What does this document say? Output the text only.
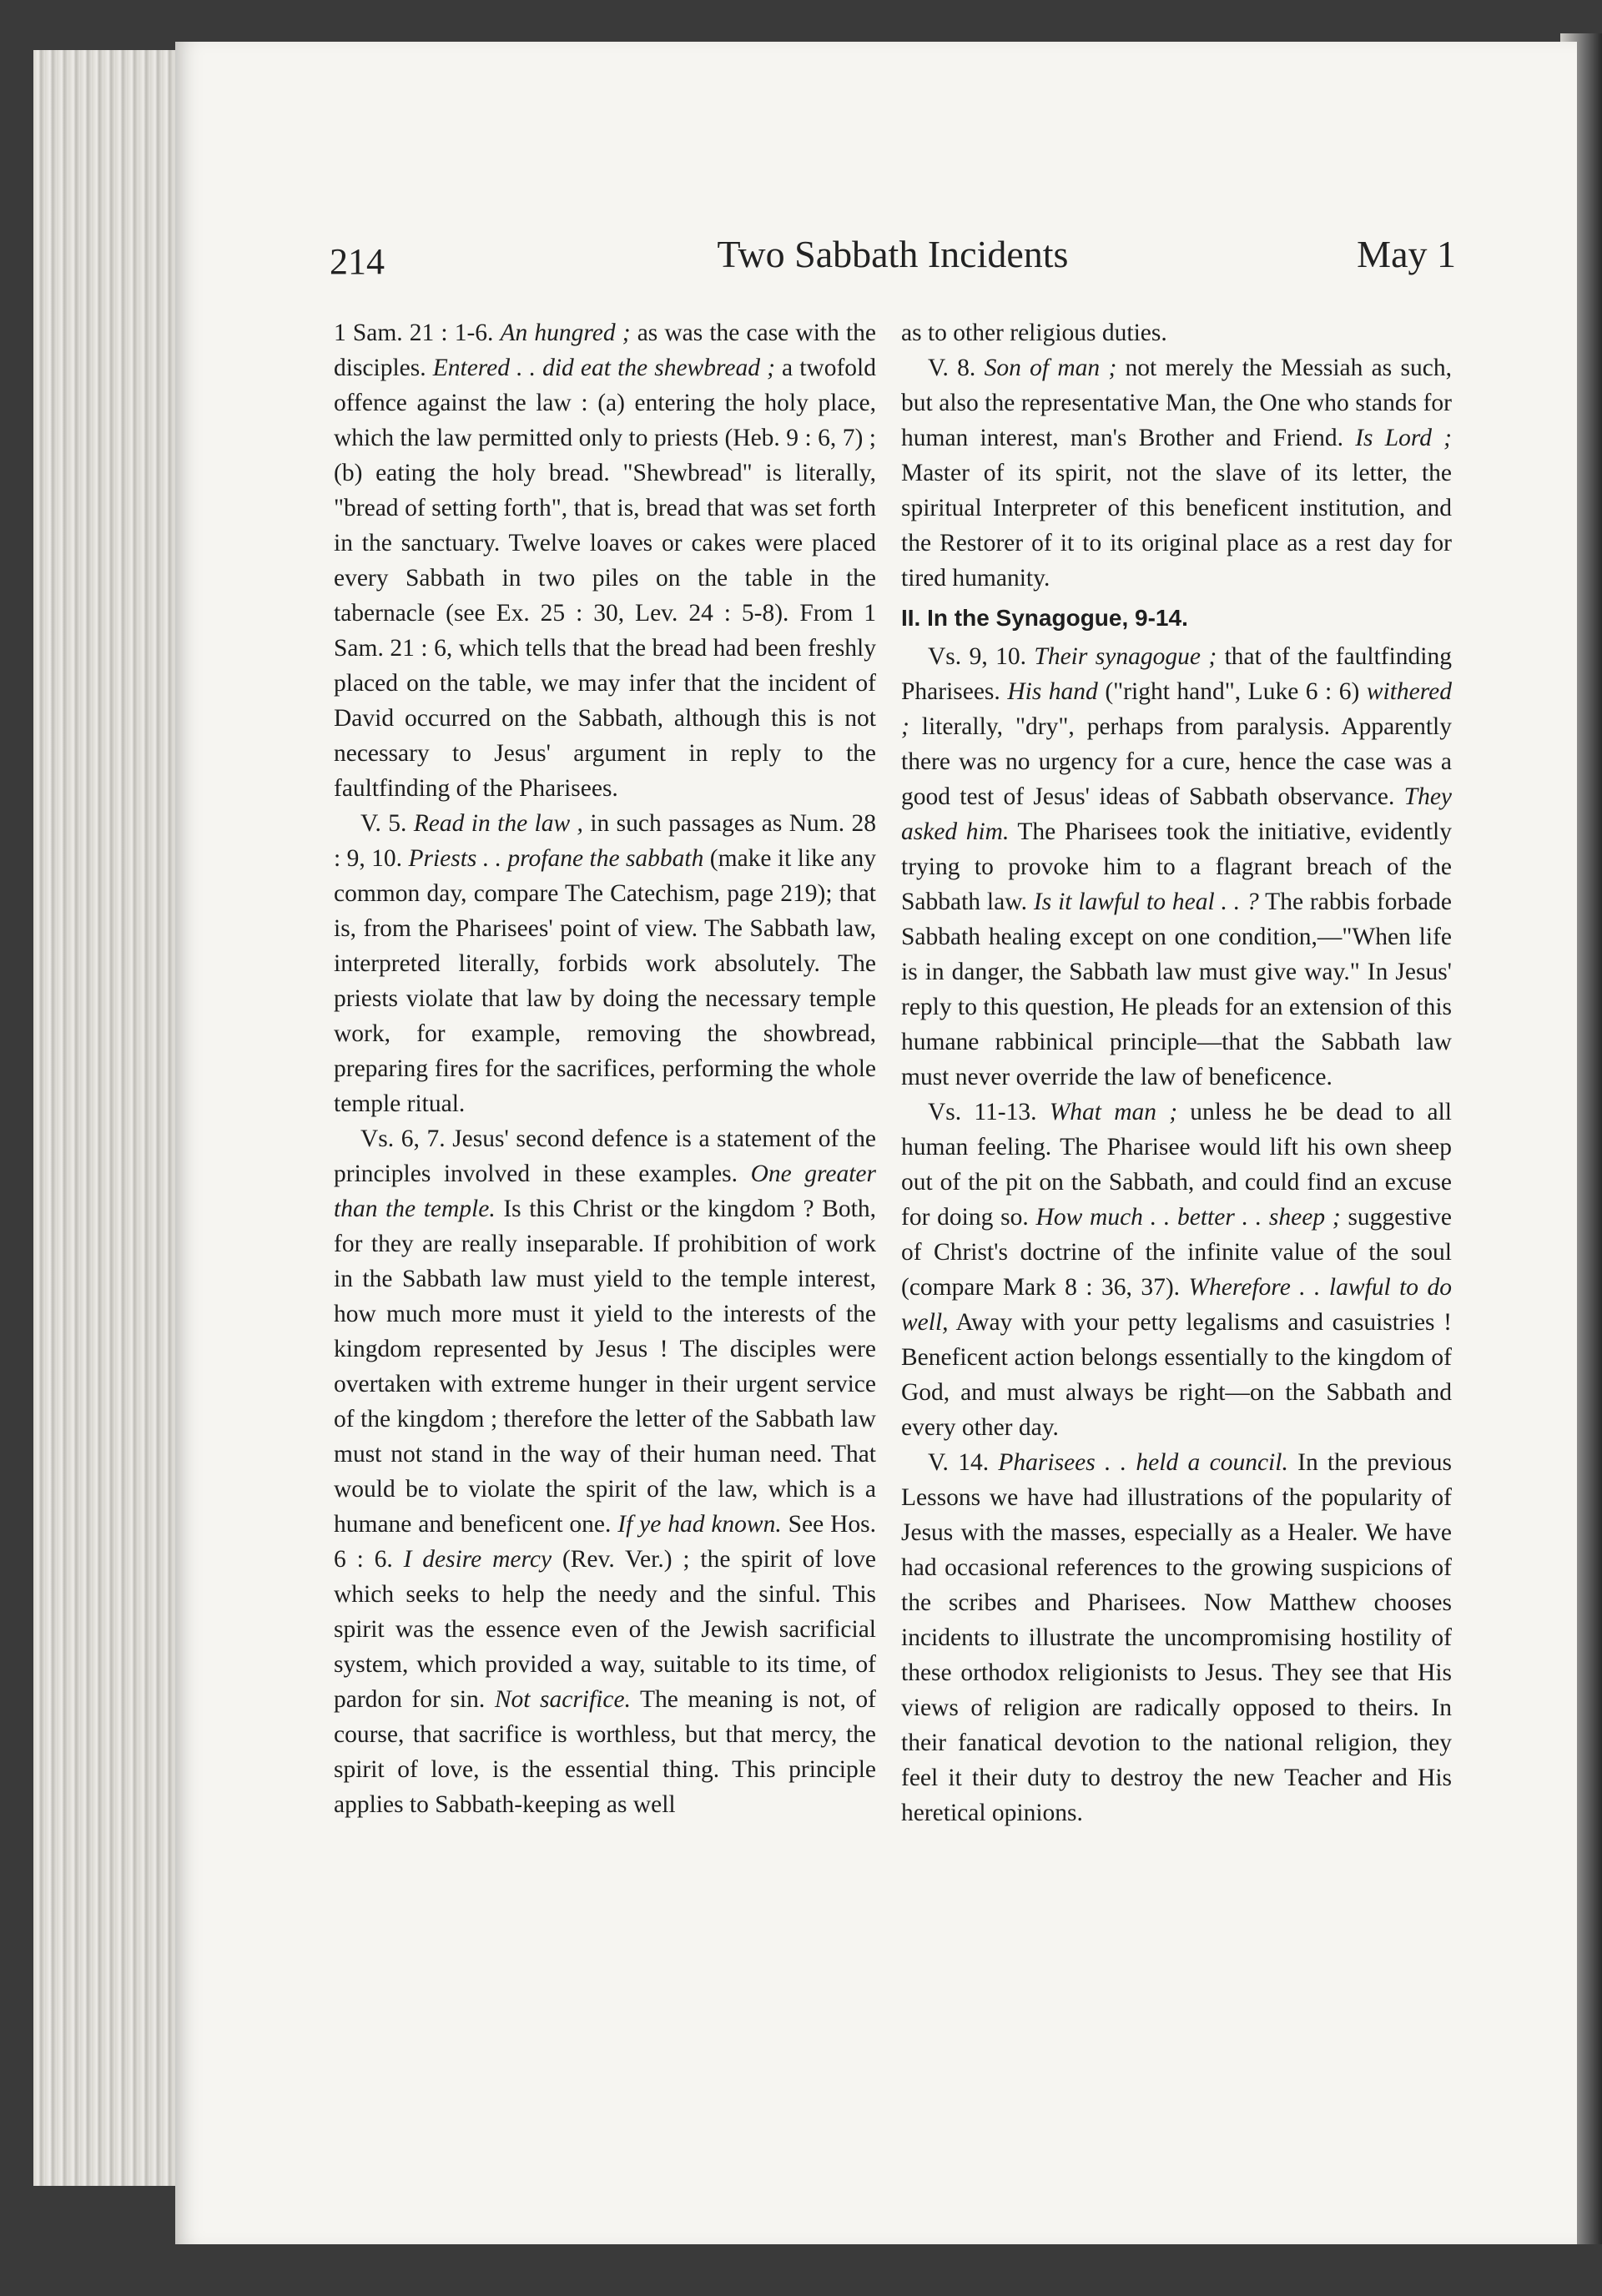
214	Two Sabbath Incidents	May 1

1 Sam. 21 : 1-6. An hungred ; as was the case with the disciples. Entered . . did eat the shewbread ; a twofold offence against the law : (a) entering the holy place, which the law permitted only to priests (Heb. 9 : 6, 7) ; (b) eating the holy bread. "Shewbread" is literally, "bread of setting forth", that is, bread that was set forth in the sanctuary. Twelve loaves or cakes were placed every Sabbath in two piles on the table in the tabernacle (see Ex. 25 : 30, Lev. 24 : 5-8). From 1 Sam. 21 : 6, which tells that the bread had been freshly placed on the table, we may infer that the incident of David occurred on the Sabbath, although this is not necessary to Jesus' argument in reply to the faultfinding of the Pharisees.

V. 5. Read in the law , in such passages as Num. 28 : 9, 10. Priests . . profane the sabbath (make it like any common day, compare The Catechism, page 219); that is, from the Pharisees' point of view. The Sabbath law, interpreted literally, forbids work absolutely. The priests violate that law by doing the necessary temple work, for example, removing the showbread, preparing fires for the sacrifices, performing the whole temple ritual.

Vs. 6, 7. Jesus' second defence is a statement of the principles involved in these examples. One greater than the temple. Is this Christ or the kingdom ? Both, for they are really inseparable. If prohibition of work in the Sabbath law must yield to the temple interest, how much more must it yield to the interests of the kingdom represented by Jesus ! The disciples were overtaken with extreme hunger in their urgent service of the kingdom ; therefore the letter of the Sabbath law must not stand in the way of their human need. That would be to violate the spirit of the law, which is a humane and beneficent one. If ye had known. See Hos. 6 : 6. I desire mercy (Rev. Ver.) ; the spirit of love which seeks to help the needy and the sinful. This spirit was the essence even of the Jewish sacrificial system, which provided a way, suitable to its time, of pardon for sin. Not sacrifice. The meaning is not, of course, that sacrifice is worthless, but that mercy, the spirit of love, is the essential thing. This principle applies to Sabbath-keeping as well

as to other religious duties.

V. 8. Son of man ; not merely the Messiah as such, but also the representative Man, the One who stands for human interest, man's Brother and Friend. Is Lord ; Master of its spirit, not the slave of its letter, the spiritual Interpreter of this beneficent institution, and the Restorer of it to its original place as a rest day for tired humanity.

II. In the Synagogue, 9-14.

Vs. 9, 10. Their synagogue ; that of the faultfinding Pharisees. His hand ("right hand", Luke 6 : 6) withered ; literally, "dry", perhaps from paralysis. Apparently there was no urgency for a cure, hence the case was a good test of Jesus' ideas of Sabbath observance. They asked him. The Pharisees took the initiative, evidently trying to provoke him to a flagrant breach of the Sabbath law. Is it lawful to heal . . ? The rabbis forbade Sabbath healing except on one condition,—"When life is in danger, the Sabbath law must give way." In Jesus' reply to this question, He pleads for an extension of this humane rabbinical principle—that the Sabbath law must never override the law of beneficence.

Vs. 11-13. What man ; unless he be dead to all human feeling. The Pharisee would lift his own sheep out of the pit on the Sabbath, and could find an excuse for doing so. How much . . better . . sheep ; suggestive of Christ's doctrine of the infinite value of the soul (compare Mark 8 : 36, 37). Wherefore . . lawful to do well, Away with your petty legalisms and casuistries ! Beneficent action belongs essentially to the kingdom of God, and must always be right—on the Sabbath and every other day.

V. 14. Pharisees . . held a council. In the previous Lessons we have had illustrations of the popularity of Jesus with the masses, especially as a Healer. We have had occasional references to the growing suspicions of the scribes and Pharisees. Now Matthew chooses incidents to illustrate the uncompromising hostility of these orthodox religionists to Jesus. They see that His views of religion are radically opposed to theirs. In their fanatical devotion to the national religion, they feel it their duty to destroy the new Teacher and His heretical opinions.
